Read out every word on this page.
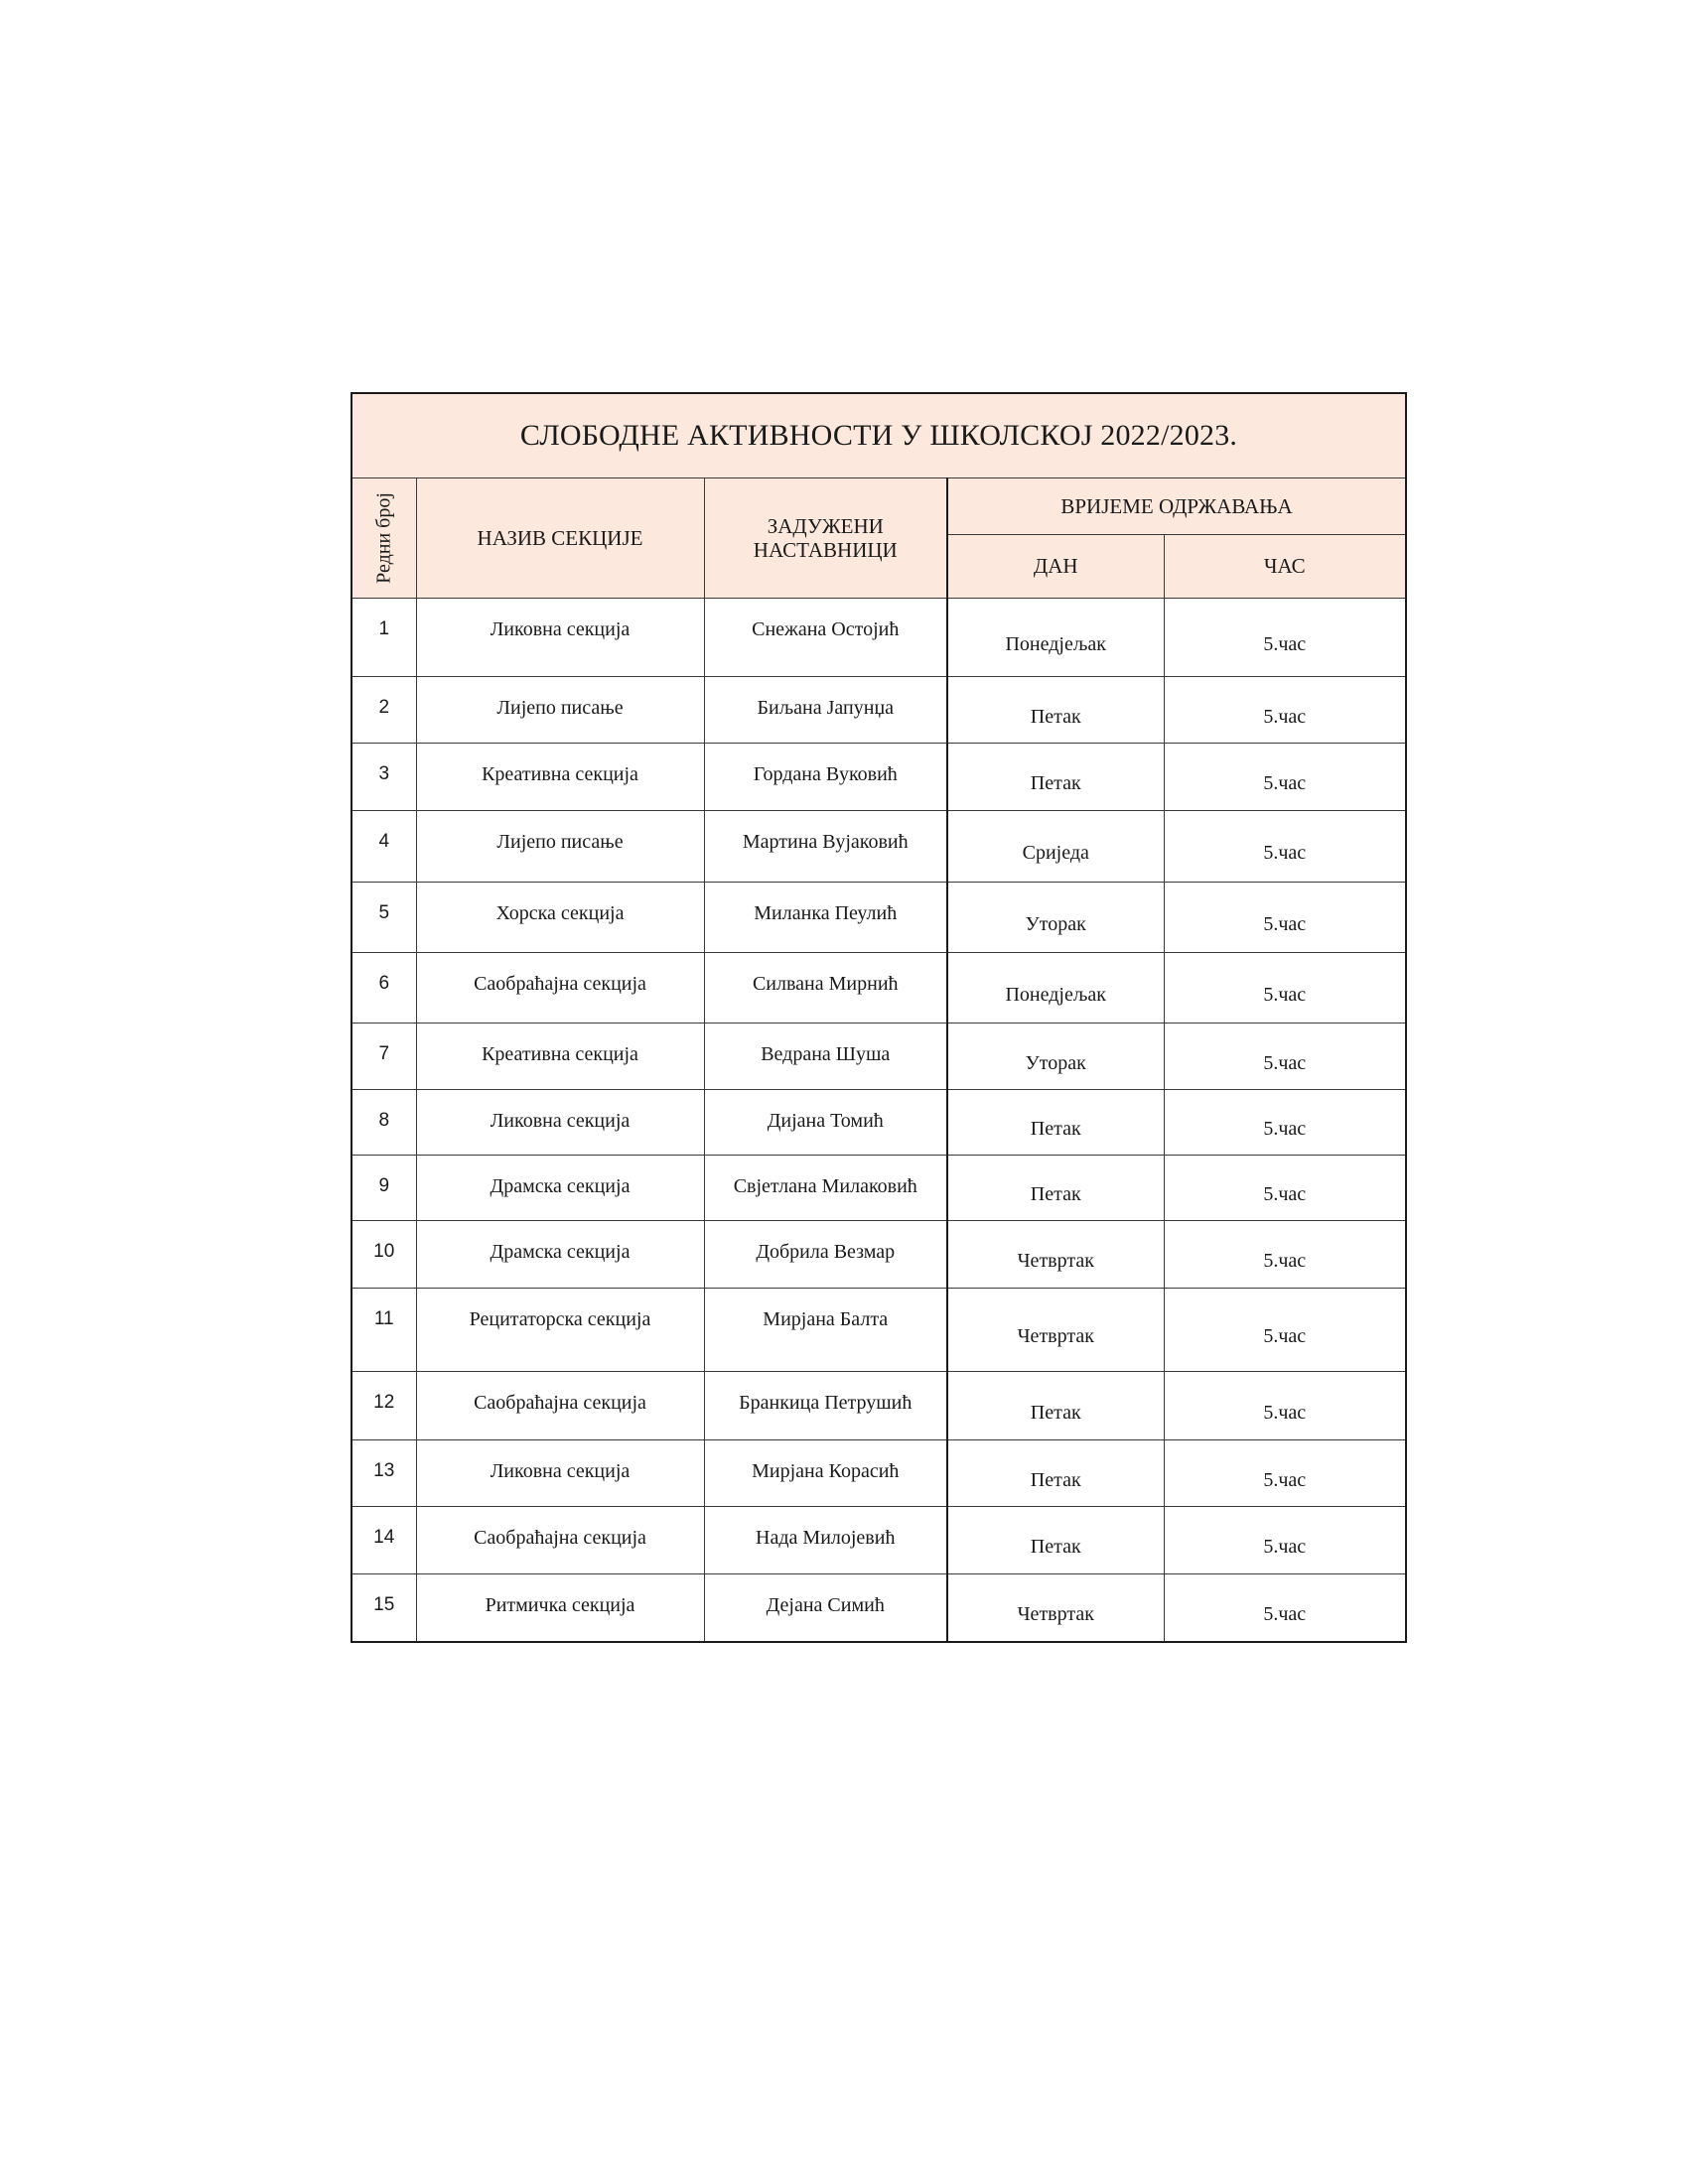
СЛОБОДНЕ АКТИВНОСТИ У ШКОЛСКОЈ 2022/2023.				

Редни број	НАЗИВ СЕКЦИЈЕ	ЗАДУЖЕНИ НАСТАВНИЦИ	ВРИЈЕМЕ ОДРЖАВАЊА	
			ДАН	ЧАС
1	Ликовна секција	Снежана Остојић	Понедјељак	5.час
2	Лијепо писање	Биљана Јапунџа	Петак	5.час
3	Креативна секција	Гордана Вуковић	Петак	5.час
4	Лијепо писање	Мартина Вујаковић	Сриједа	5.час
5	Хорска секција	Миланка Пеулић	Уторак	5.час
6	Саобраћајна секција	Силвана Мирнић	Понедјељак	5.час
7	Креативна секција	Ведрана Шуша	Уторак	5.час
8	Ликовна секција	Дијана Томић	Петак	5.час
9	Драмска секција	Свјетлана Милаковић	Петак	5.час
10	Драмска секција	Добрила Везмар	Четвртак	5.час
11	Рецитаторска секција	Мирјана Балта	Четвртак	5.час
12	Саобраћајна секција	Бранкица Петрушић	Петак	5.час
13	Ликовна секција	Мирјана Корасић	Петак	5.час
14	Саобраћајна секција	Нада Милојевић	Петак	5.час
15	Ритмичка секција	Дејана Симић	Четвртак	5.час
